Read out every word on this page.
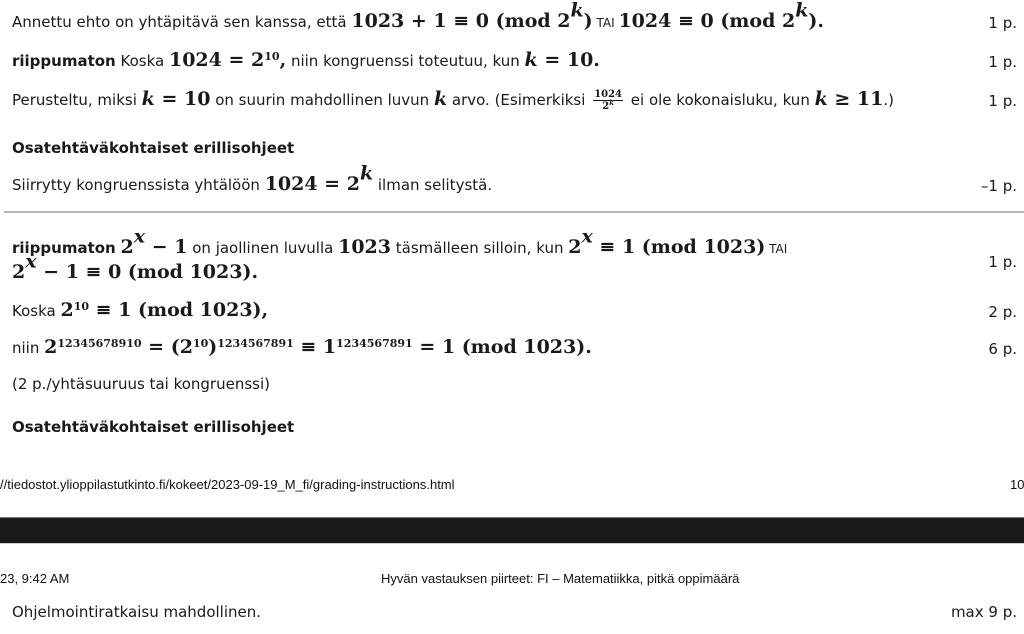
Annettu ehto on yhtäpitävä sen kanssa, että 1023 + 1 ≡ 0 (mod 2$^k$) TAI 1024 ≡ 0 (mod 2$^k$).	1 p.
riippumaton Koska $1024 = 2^{10}$, niin kongruenssi toteutuu, kun k = 10.	1 p.
Perusteltu, miksi k = 10 on suurin mahdollinen luvun k arvo. (Esimerkiksi $\frac{1024}{2^k}$ ei ole kokonaisluku, kun k ≥ 11.)	1 p.
Osatehtäväkohtaiset erillisohjeet
Siirrytty kongruenssista yhtälöön $1024 = 2^k$ ilman selitystä.	–1 p.
riippumaton $2^x - 1$ on jaollinen luvulla 1023 täsmälleen silloin, kun $2^x \equiv 1$ (mod 1023) TAI
$2^x - 1 \equiv 0$ (mod 1023).	1 p.
Koska $2^{10} \equiv 1$ (mod 1023),	2 p.
niin $2^{12345678910} = (2^{10})^{1234567891} \equiv 1^{1234567891} = 1$ (mod 1023).	6 p.
(2 p./yhtäsuuruus tai kongruenssi)
Osatehtäväkohtaiset erillisohjeet
//tiedostot.ylioppilastutkinto.fi/kokeet/2023-09-19_M_fi/grading-instructions.html	10
23, 9:42 AM	Hyvän vastauksen piirteet: FI – Matematiikka, pitkä oppimäärä
Ohjelmointiratkaisu mahdollinen.	max 9 p.
